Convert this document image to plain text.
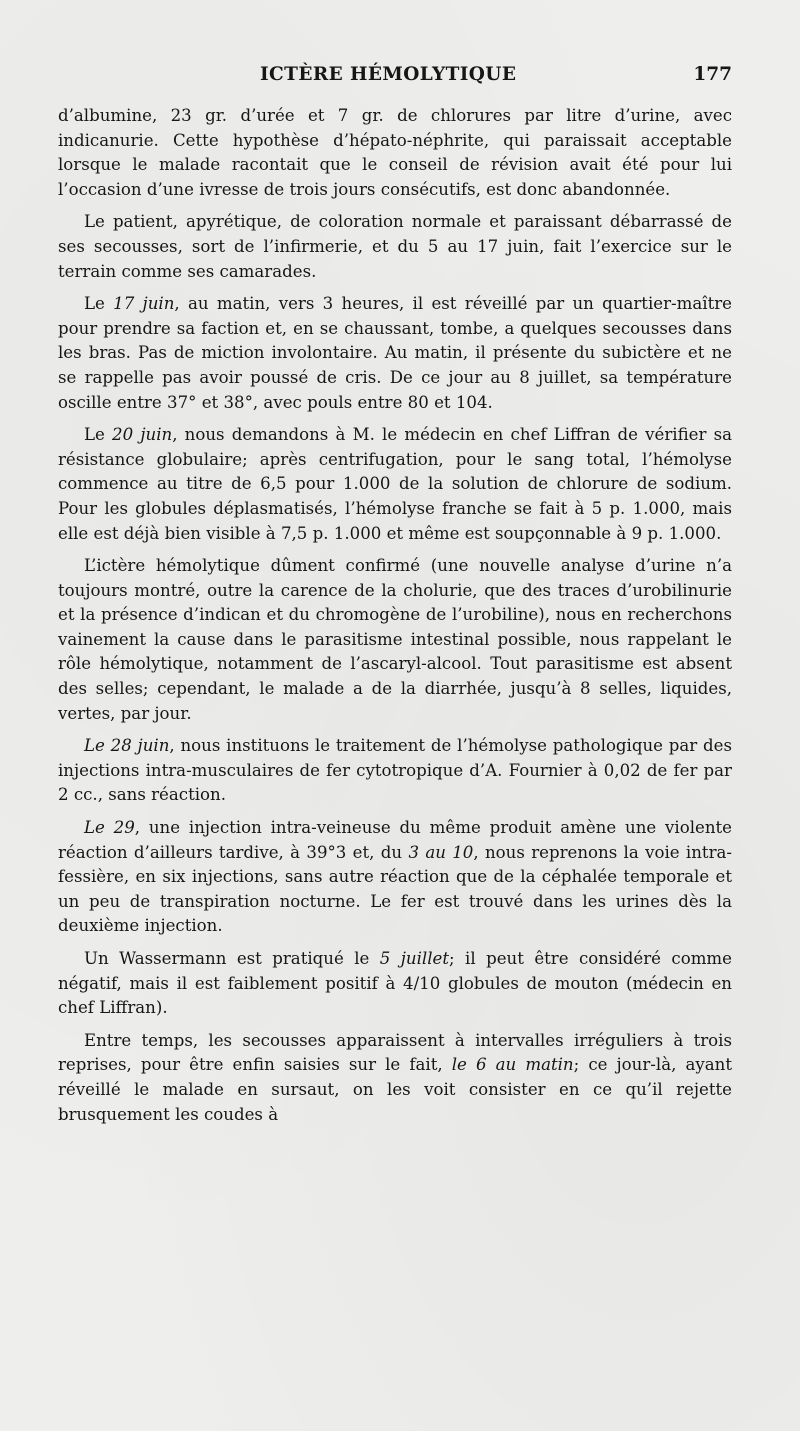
ICTÈRE HÉMOLYTIQUE	177

d’albumine, 23 gr. d’urée et 7 gr. de chlorures par litre d’urine, avec indicanurie. Cette hypothèse d’hépato-néphrite, qui paraissait acceptable lorsque le malade racontait que le conseil de révision avait été pour lui l’occasion d’une ivresse de trois jours consécutifs, est donc abandonnée.

Le patient, apyrétique, de coloration normale et paraissant débarrassé de ses secousses, sort de l’infirmerie, et du 5 au 17 juin, fait l’exercice sur le terrain comme ses camarades.

Le 17 juin, au matin, vers 3 heures, il est réveillé par un quartier-maître pour prendre sa faction et, en se chaussant, tombe, a quelques secousses dans les bras. Pas de miction involontaire. Au matin, il présente du subictère et ne se rappelle pas avoir poussé de cris. De ce jour au 8 juillet, sa température oscille entre 37° et 38°, avec pouls entre 80 et 104.

Le 20 juin, nous demandons à M. le médecin en chef Liffran de vérifier sa résistance globulaire; après centrifugation, pour le sang total, l’hémolyse commence au titre de 6,5 pour 1.000 de la solution de chlorure de sodium. Pour les globules déplasmatisés, l’hémolyse franche se fait à 5 p. 1.000, mais elle est déjà bien visible à 7,5 p. 1.000 et même est soupçonnable à 9 p. 1.000.

L’ictère hémolytique dûment confirmé (une nouvelle analyse d’urine n’a toujours montré, outre la carence de la cholurie, que des traces d’urobilinurie et la présence d’indican et du chromogène de l’urobiline), nous en recherchons vainement la cause dans le parasitisme intestinal possible, nous rappelant le rôle hémolytique, notamment de l’ascaryl-alcool. Tout parasitisme est absent des selles; cependant, le malade a de la diarrhée, jusqu’à 8 selles, liquides, vertes, par jour.

Le 28 juin, nous instituons le traitement de l’hémolyse pathologique par des injections intra-musculaires de fer cytotropique d’A. Fournier à 0,02 de fer par 2 cc., sans réaction.

Le 29, une injection intra-veineuse du même produit amène une violente réaction d’ailleurs tardive, à 39°3 et, du 3 au 10, nous reprenons la voie intra-fessière, en six injections, sans autre réaction que de la céphalée temporale et un peu de transpiration nocturne. Le fer est trouvé dans les urines dès la deuxième injection.

Un Wassermann est pratiqué le 5 juillet; il peut être considéré comme négatif, mais il est faiblement positif à 4/10 globules de mouton (médecin en chef Liffran).

Entre temps, les secousses apparaissent à intervalles irréguliers à trois reprises, pour être enfin saisies sur le fait, le 6 au matin; ce jour-là, ayant réveillé le malade en sursaut, on les voit consister en ce qu’il rejette brusquement les coudes à
